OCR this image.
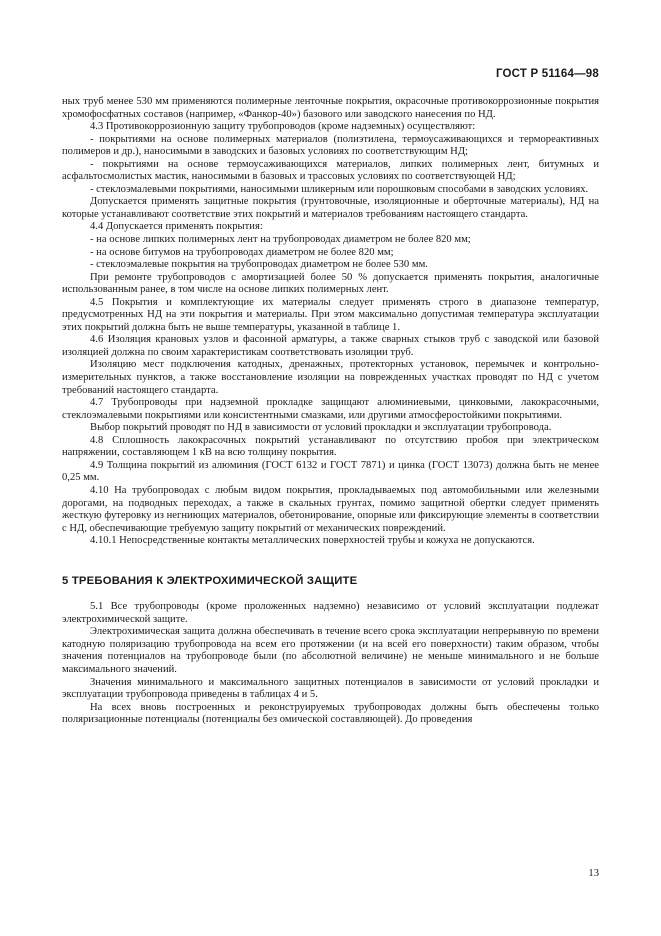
ГОСТ Р 51164—98

ных труб менее 530 мм применяются полимерные ленточные покрытия, окрасочные противокоррозионные покрытия хромофосфатных составов (например, «Фанкор-40») базового или заводского нанесения по НД.

4.3 Противокоррозионную защиту трубопроводов (кроме надземных) осуществляют:

- покрытиями на основе полимерных материалов (полиэтилена, термоусаживающихся и термореактивных полимеров и др.), наносимыми в заводских и базовых условиях по соответствующим НД;

- покрытиями на основе термоусаживающихся материалов, липких полимерных лент, битумных и асфальтосмолистых мастик, наносимыми в базовых и трассовых условиях по соответствующей НД;

- стеклоэмалевыми покрытиями, наносимыми шликерным или порошковым способами в заводских условиях.

Допускается применять защитные покрытия (грунтовочные, изоляционные и оберточные материалы), НД на которые устанавливают соответствие этих покрытий и материалов требованиям настоящего стандарта.

4.4 Допускается применять покрытия:

- на основе липких полимерных лент на трубопроводах диаметром не более 820 мм;

- на основе битумов на трубопроводах диаметром не более 820 мм;

- стеклоэмалевые покрытия на трубопроводах диаметром не более 530 мм.

При ремонте трубопроводов с амортизацией более 50 % допускается применять покрытия, аналогичные использованным ранее, в том числе на основе липких полимерных лент.

4.5 Покрытия и комплектующие их материалы следует применять строго в диапазоне температур, предусмотренных НД на эти покрытия и материалы. При этом максимально допустимая температура эксплуатации этих покрытий должна быть не выше температуры, указанной в таблице 1.

4.6 Изоляция крановых узлов и фасонной арматуры, а также сварных стыков труб с заводской или базовой изоляцией должна по своим характеристикам соответствовать изоляции труб.

Изоляцию мест подключения катодных, дренажных, протекторных установок, перемычек и контрольно-измерительных пунктов, а также восстановление изоляции на поврежденных участках проводят по НД с учетом требований настоящего стандарта.

4.7 Трубопроводы при надземной прокладке защищают алюминиевыми, цинковыми, лакокрасочными, стеклоэмалевыми покрытиями или консистентными смазками, или другими атмосферостойкими покрытиями.

Выбор покрытий проводят по НД в зависимости от условий прокладки и эксплуатации трубопровода.

4.8 Сплошность лакокрасочных покрытий устанавливают по отсутствию пробоя при электрическом напряжении, составляющем 1 кВ на всю толщину покрытия.

4.9 Толщина покрытий из алюминия (ГОСТ 6132 и ГОСТ 7871) и цинка (ГОСТ 13073) должна быть не менее 0,25 мм.

4.10 На трубопроводах с любым видом покрытия, прокладываемых под автомобильными или железными дорогами, на подводных переходах, а также в скальных грунтах, помимо защитной обертки следует применять жесткую футеровку из негниющих материалов, обетонирование, опорные или фиксирующие элементы в соответствии с НД, обеспечивающие требуемую защиту покрытий от механических повреждений.

4.10.1 Непосредственные контакты металлических поверхностей трубы и кожуха не допускаются.

5 ТРЕБОВАНИЯ К ЭЛЕКТРОХИМИЧЕСКОЙ ЗАЩИТЕ

5.1 Все трубопроводы (кроме проложенных надземно) независимо от условий эксплуатации подлежат электрохимической защите.

Электрохимическая защита должна обеспечивать в течение всего срока эксплуатации непрерывную по времени катодную поляризацию трубопровода на всем его протяжении (и на всей его поверхности) таким образом, чтобы значения потенциалов на трубопроводе были (по абсолютной величине) не меньше минимального и не больше максимального значений.

Значения минимального и максимального защитных потенциалов в зависимости от условий прокладки и эксплуатации трубопровода приведены в таблицах 4 и 5.

На всех вновь построенных и реконструируемых трубопроводах должны быть обеспечены только поляризационные потенциалы (потенциалы без омической составляющей). До проведения

13
